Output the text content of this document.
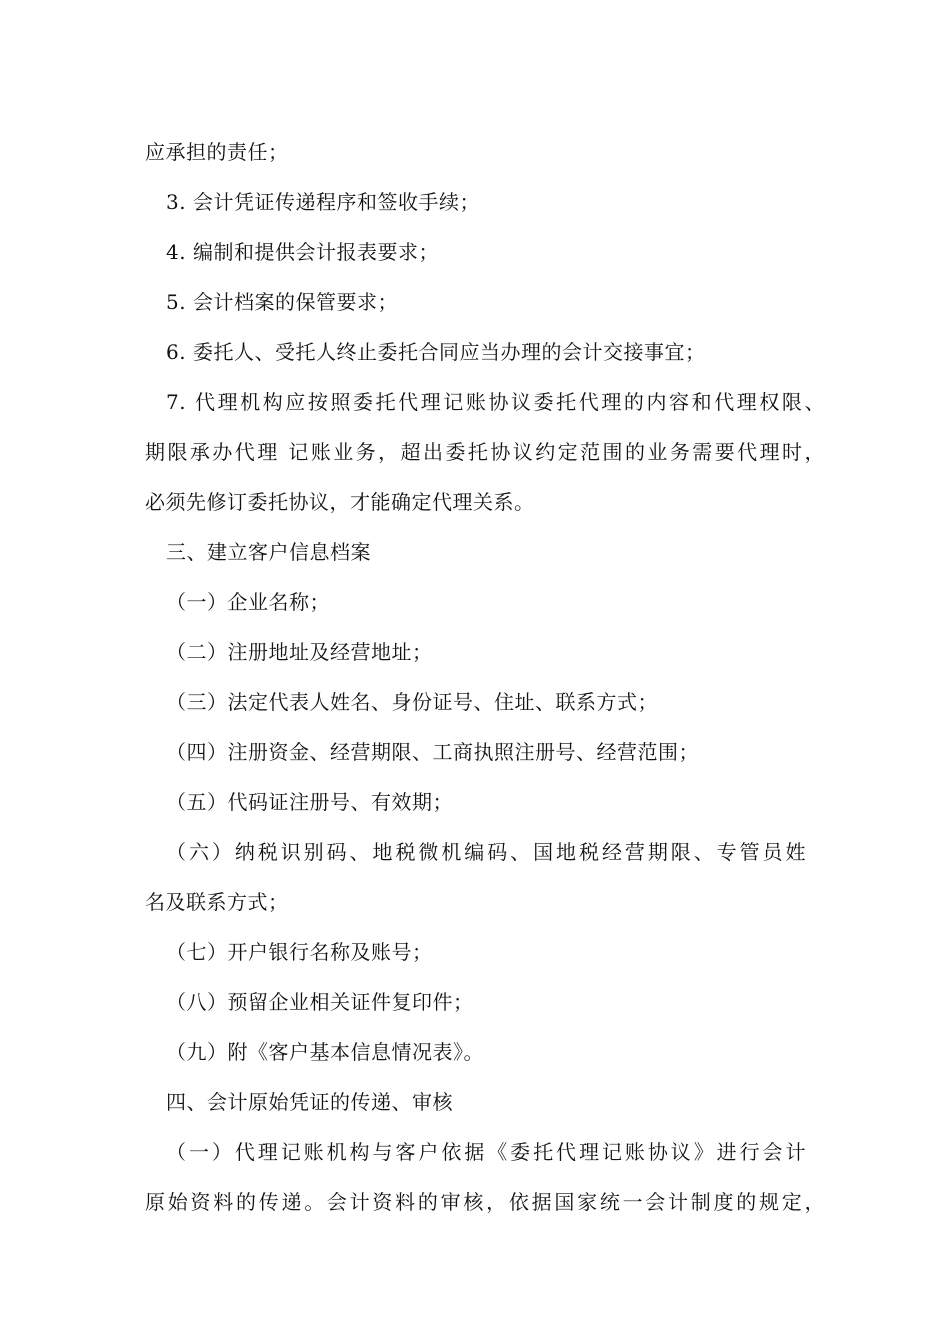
应承担的责任；
3. 会计凭证传递程序和签收手续；
4. 编制和提供会计报表要求；
5. 会计档案的保管要求；
6. 委托人、受托人终止委托合同应当办理的会计交接事宜；
7. 代理机构应按照委托代理记账协议委托代理的内容和代理权限、
期限承办代理 记账业务，超出委托协议约定范围的业务需要代理时，
必须先修订委托协议，才能确定代理关系。
三、建立客户信息档案
（一）企业名称；
（二）注册地址及经营地址；
（三）法定代表人姓名、身份证号、住址、联系方式；
（四）注册资金、经营期限、工商执照注册号、经营范围；
（五）代码证注册号、有效期；
（六）纳税识别码、地税微机编码、国地税经营期限、专管员姓
名及联系方式；
（七）开户银行名称及账号；
（八）预留企业相关证件复印件；
（九）附《客户基本信息情况表》。
四、会计原始凭证的传递、审核
（一）代理记账机构与客户依据《委托代理记账协议》进行会计
原始资料的传递。会计资料的审核，依据国家统一会计制度的规定，
